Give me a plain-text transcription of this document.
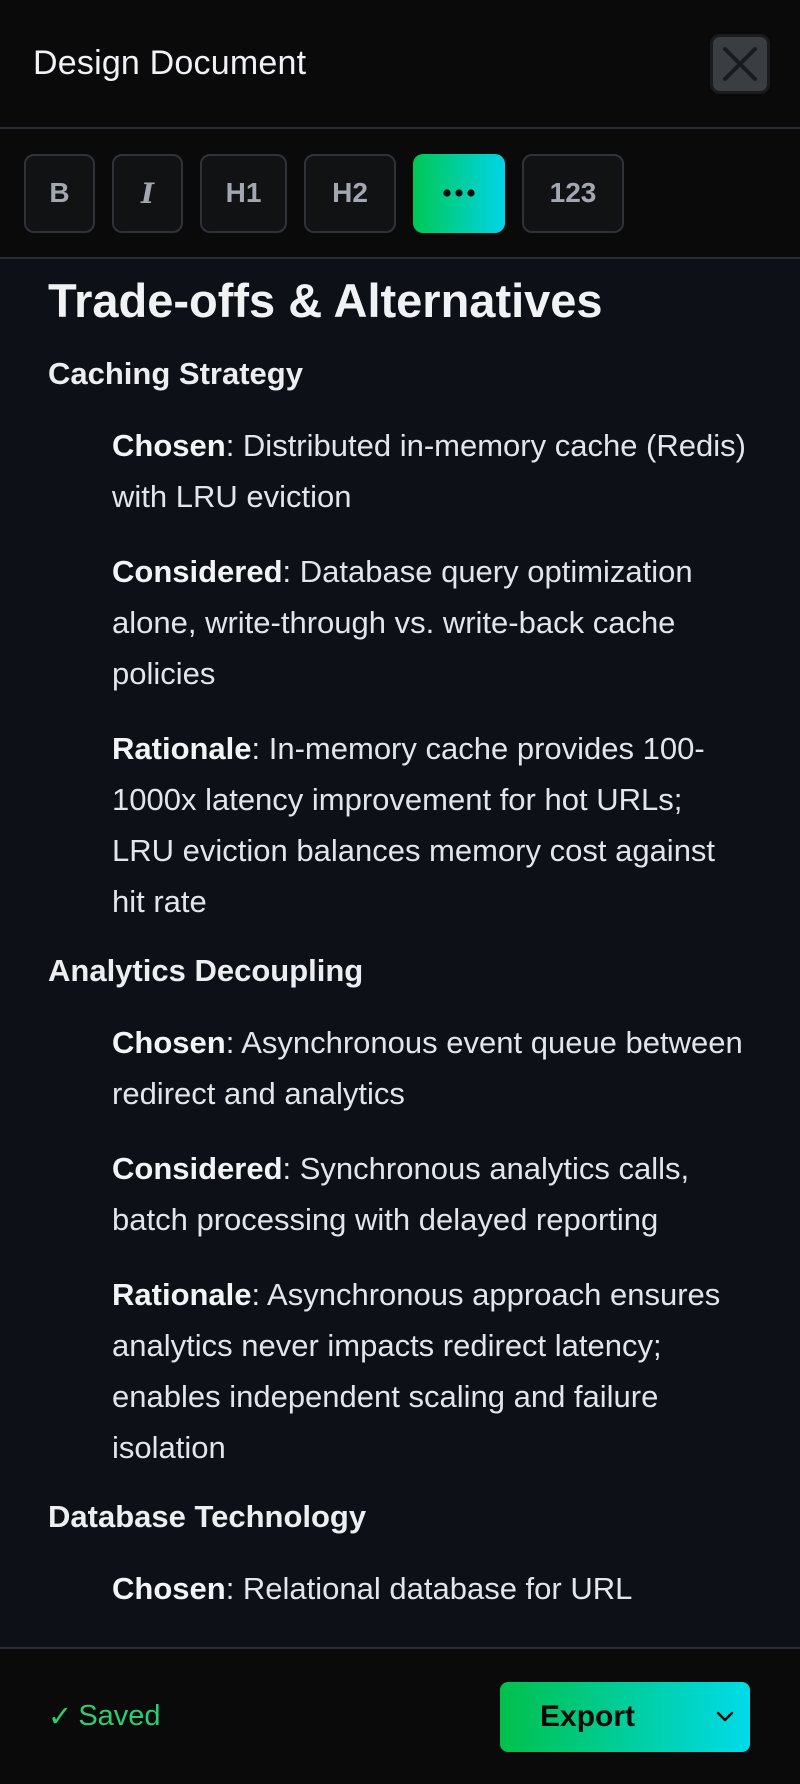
Design Document
B	I	H1	H2	123
Trade-offs & Alternatives
Caching Strategy
Chosen: Distributed in-memory cache (Redis) with LRU eviction
Considered: Database query optimization alone, write-through vs. write-back cache policies
Rationale: In-memory cache provides 100-1000x latency improvement for hot URLs; LRU eviction balances memory cost against hit rate
Analytics Decoupling
Chosen: Asynchronous event queue between redirect and analytics
Considered: Synchronous analytics calls, batch processing with delayed reporting
Rationale: Asynchronous approach ensures analytics never impacts redirect latency; enables independent scaling and failure isolation
Database Technology
Chosen: Relational database for URL
✓ Saved	Export
